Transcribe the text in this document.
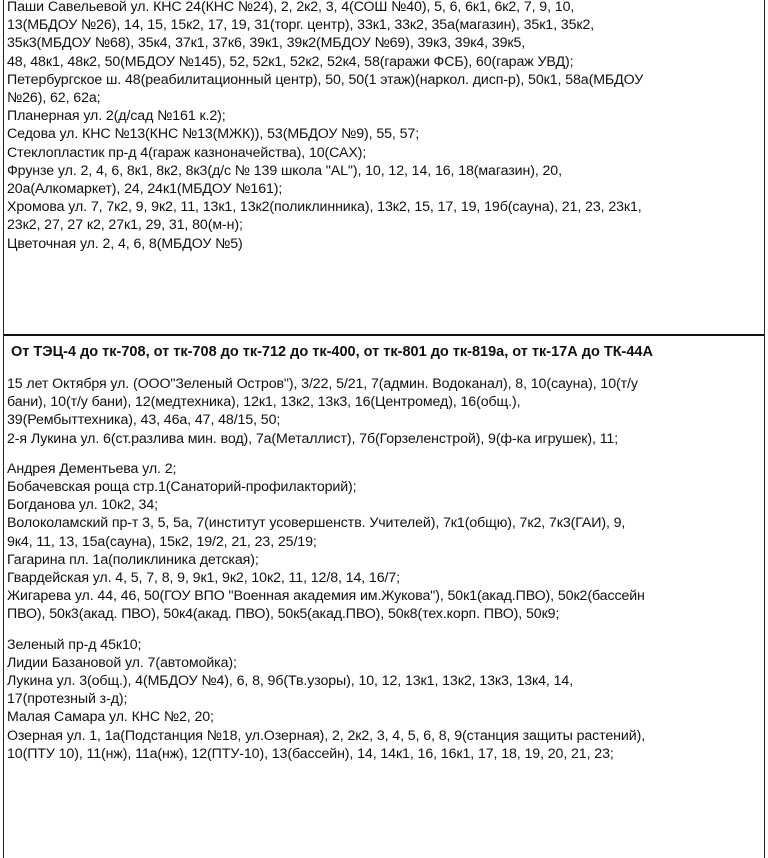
Паши Савельевой ул. КНС 24(КНС №24), 2, 2к2, 3, 4(СОШ №40), 5, 6, 6к1, 6к2, 7, 9, 10,
13(МБДОУ №26), 14, 15, 15к2, 17, 19, 31(торг. центр), 33к1, 33к2, 35а(магазин), 35к1, 35к2,
35к3(МБДОУ №68), 35к4, 37к1, 37к6, 39к1, 39к2(МБДОУ №69), 39к3, 39к4, 39к5,
48, 48к1, 48к2, 50(МБДОУ №145), 52, 52к1, 52к2, 52к4, 58(гаражи ФСБ), 60(гараж УВД);
Петербургское ш. 48(реабилитационный центр), 50, 50(1 этаж)(наркол. дисп-р), 50к1, 58а(МБДОУ
№26), 62, 62а;
Планерная ул. 2(д/сад №161 к.2);
Седова ул. КНС №13(КНС №13(МЖК)), 53(МБДОУ №9), 55, 57;
Стеклопластик пр-д 4(гараж казноначейства), 10(САХ);
Фрунзе ул. 2, 4, 6, 8к1, 8к2, 8к3(д/с № 139 школа "AL"), 10, 12, 14, 16, 18(магазин), 20,
20а(Алкомаркет), 24, 24к1(МБДОУ №161);
Хромова ул. 7, 7к2, 9, 9к2, 11, 13к1, 13к2(поликлинника), 13к2, 15, 17, 19, 19б(сауна), 21, 23, 23к1,
23к2, 27, 27 к2, 27к1, 29, 31, 80(м-н);
Цветочная ул. 2, 4, 6, 8(МБДОУ №5)
От ТЭЦ-4 до тк-708, от тк-708 до тк-712 до тк-400, от тк-801 до тк-819а, от тк-17А до ТК-44А
15 лет Октября ул. (ООО"Зеленый Остров"), 3/22, 5/21, 7(админ. Водоканал), 8, 10(сауна), 10(т/у
бани), 10(т/у бани), 12(медтехника), 12к1, 13к2, 13к3, 16(Центромед), 16(общ.),
39(Рембыттехника), 43, 46а, 47, 48/15, 50;
2-я Лукина ул. 6(ст.разлива мин. вод), 7а(Металлист), 7б(Горзеленстрой), 9(ф-ка игрушек), 11;
Андрея Дементьева ул. 2;
Бобачевская роща стр.1(Санаторий-профилакторий);
Богданова ул. 10к2, 34;
Волоколамский пр-т 3, 5, 5а, 7(институт усовершенств. Учителей), 7к1(общю), 7к2, 7к3(ГАИ), 9,
9к4, 11, 13, 15а(сауна), 15к2, 19/2, 21, 23, 25/19;
Гагарина пл. 1а(поликлиника детская);
Гвардейская ул. 4, 5, 7, 8, 9, 9к1, 9к2, 10к2, 11, 12/8, 14, 16/7;
Жигарева ул. 44, 46, 50(ГОУ ВПО "Военная академия им.Жукова"), 50к1(акад.ПВО), 50к2(бассейн
ПВО), 50к3(акад. ПВО), 50к4(акад. ПВО), 50к5(акад.ПВО), 50к8(тех.корп. ПВО), 50к9;
Зеленый пр-д 45к10;
Лидии Базановой ул. 7(автомойка);
Лукина ул. 3(общ.), 4(МБДОУ №4), 6, 8, 9б(Тв.узоры), 10, 12, 13к1, 13к2, 13к3, 13к4, 14,
17(протезный з-д);
Малая Самара ул. КНС №2, 20;
Озерная ул. 1, 1а(Подстанция №18, ул.Озерная), 2, 2к2, 3, 4, 5, 6, 8, 9(станция защиты растений),
10(ПТУ 10), 11(нж), 11а(нж), 12(ПТУ-10), 13(бассейн), 14, 14к1, 16, 16к1, 17, 18, 19, 20, 21, 23;
